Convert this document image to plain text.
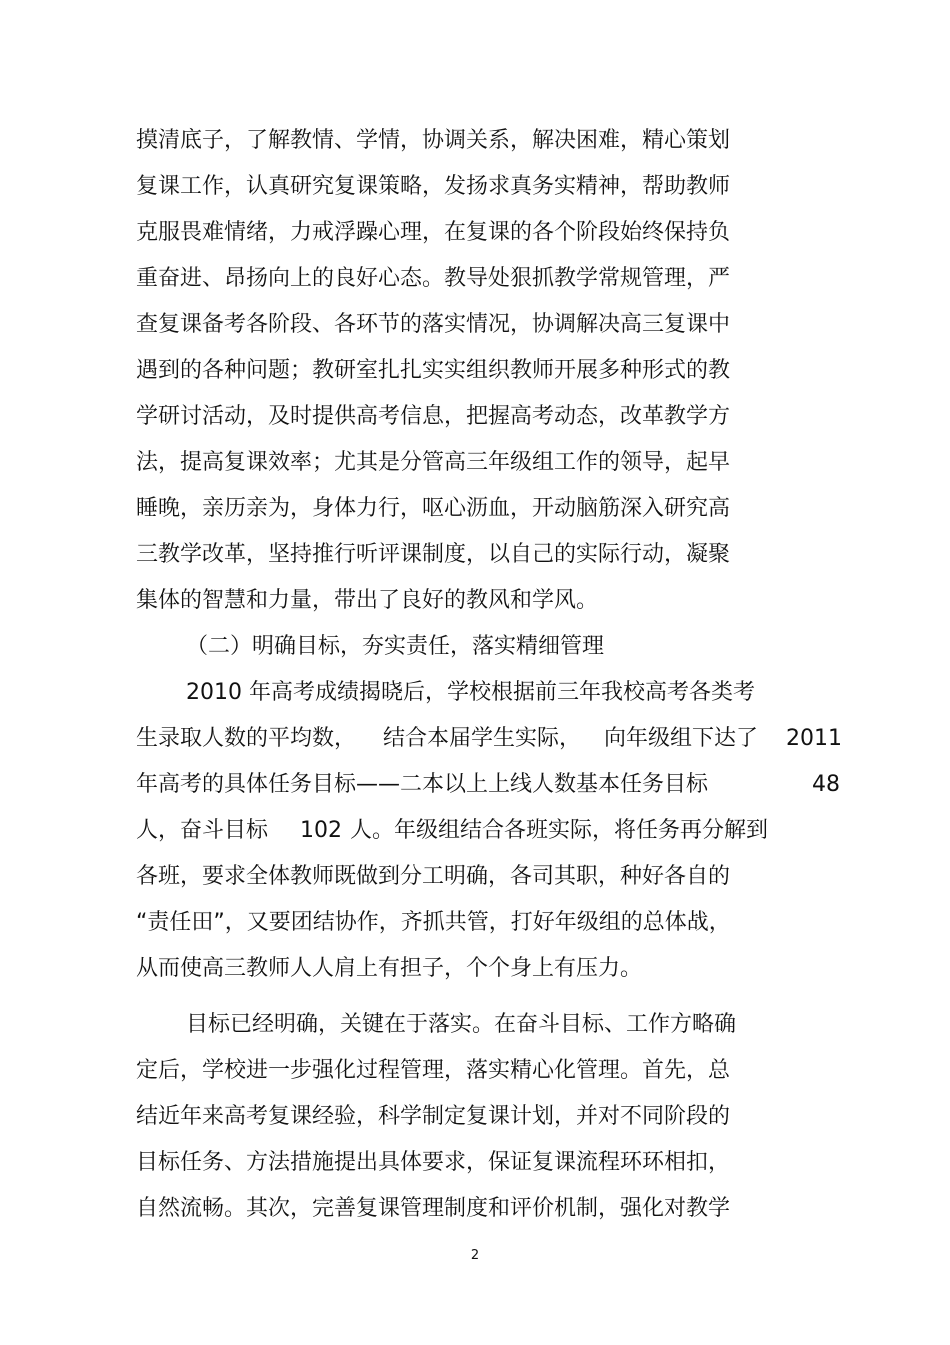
摸清底子，了解教情、学情，协调关系，解决困难，精心策划
复课工作，认真研究复课策略，发扬求真务实精神，帮助教师
克服畏难情绪，力戒浮躁心理，在复课的各个阶段始终保持负
重奋进、昂扬向上的良好心态。教导处狠抓教学常规管理，严
查复课备考各阶段、各环节的落实情况，协调解决高三复课中
遇到的各种问题；教研室扎扎实实组织教师开展多种形式的教
学研讨活动，及时提供高考信息，把握高考动态，改革教学方
法，提高复课效率；尤其是分管高三年级组工作的领导，起早
睡晚，亲历亲为，身体力行，呕心沥血，开动脑筋深入研究高
三教学改革，坚持推行听评课制度，以自己的实际行动，凝聚
集体的智慧和力量，带出了良好的教风和学风。
（二）明确目标，夯实责任，落实精细管理
2010 年高考成绩揭晓后，学校根据前三年我校高考各类考
生录取人数的平均数， 结合本届学生实际， 向年级组下达了 2011
年高考的具体任务目标——二本以上上线人数基本任务目标	48
人，奋斗目标 102 人。年级组结合各班实际，将任务再分解到
各班，要求全体教师既做到分工明确，各司其职，种好各自的
“责任田”，又要团结协作，齐抓共管，打好年级组的总体战，
从而使高三教师人人肩上有担子，个个身上有压力。
目标已经明确，关键在于落实。在奋斗目标、工作方略确
定后，学校进一步强化过程管理，落实精心化管理。首先，总
结近年来高考复课经验，科学制定复课计划，并对不同阶段的
目标任务、方法措施提出具体要求，保证复课流程环环相扣，
自然流畅。其次，完善复课管理制度和评价机制，强化对教学
2
